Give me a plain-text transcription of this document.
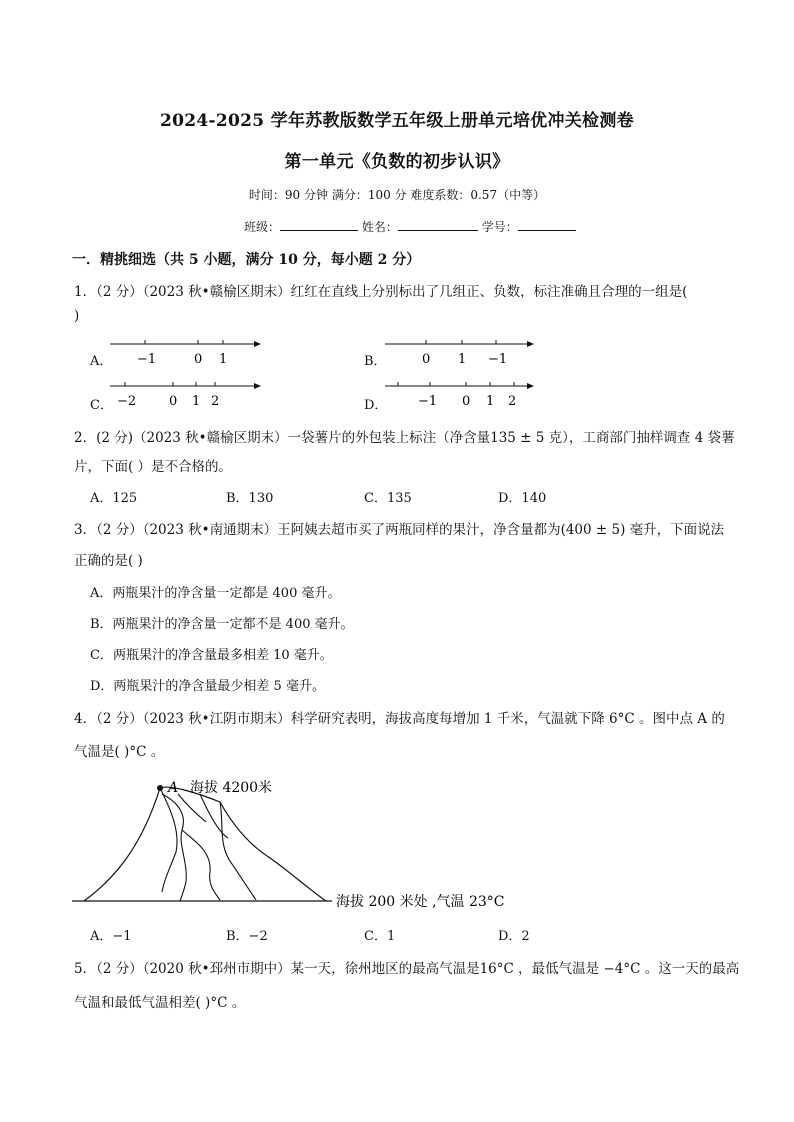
2024-2025 学年苏教版数学五年级上册单元培优冲关检测卷
第一单元《负数的初步认识》
时间：90 分钟 满分：100 分 难度系数：0.57（中等）
班级：	姓名：	学号：
一．精挑细选（共 5 小题，满分 10 分，每小题 2 分）
1．（2 分）（2023 秋•赣榆区期末）红红在直线上分别标出了几组正、负数，标注准确且合理的一组是(
)
A． −1	0 1	B．	0 1 −1
C． −2	0 1 2	D． −1 0 1 2
2．(2 分)（2023 秋•赣榆区期末）一袋薯片的外包装上标注（净含量135 ± 5 克），工商部门抽样调查 4 袋薯
片，下面( ）是不合格的。
A．125	B．130	C．135	D．140
3．（2 分）（2023 秋•南通期末）王阿姨去超市买了两瓶同样的果汁，净含量都为(400 ± 5) 毫升，下面说法
正确的是( )
A．两瓶果汁的净含量一定都是 400 毫升。
B．两瓶果汁的净含量一定都不是 400 毫升。
C．两瓶果汁的净含量最多相差 10 毫升。
D．两瓶果汁的净含量最少相差 5 毫升。
4．（2 分）（2023 秋•江阴市期末）科学研究表明，海拔高度每增加 1 千米，气温就下降 6°C 。图中点 A 的
气温是( )°C 。
A 海拔 4200米
海拔 200 米处 ,气温 23°C
A．−1	B．−2	C．1	D．2
5．（2 分）（2020 秋•邳州市期中）某一天，徐州地区的最高气温是16°C ，最低气温是 −4°C 。这一天的最高
气温和最低气温相差( )°C 。
